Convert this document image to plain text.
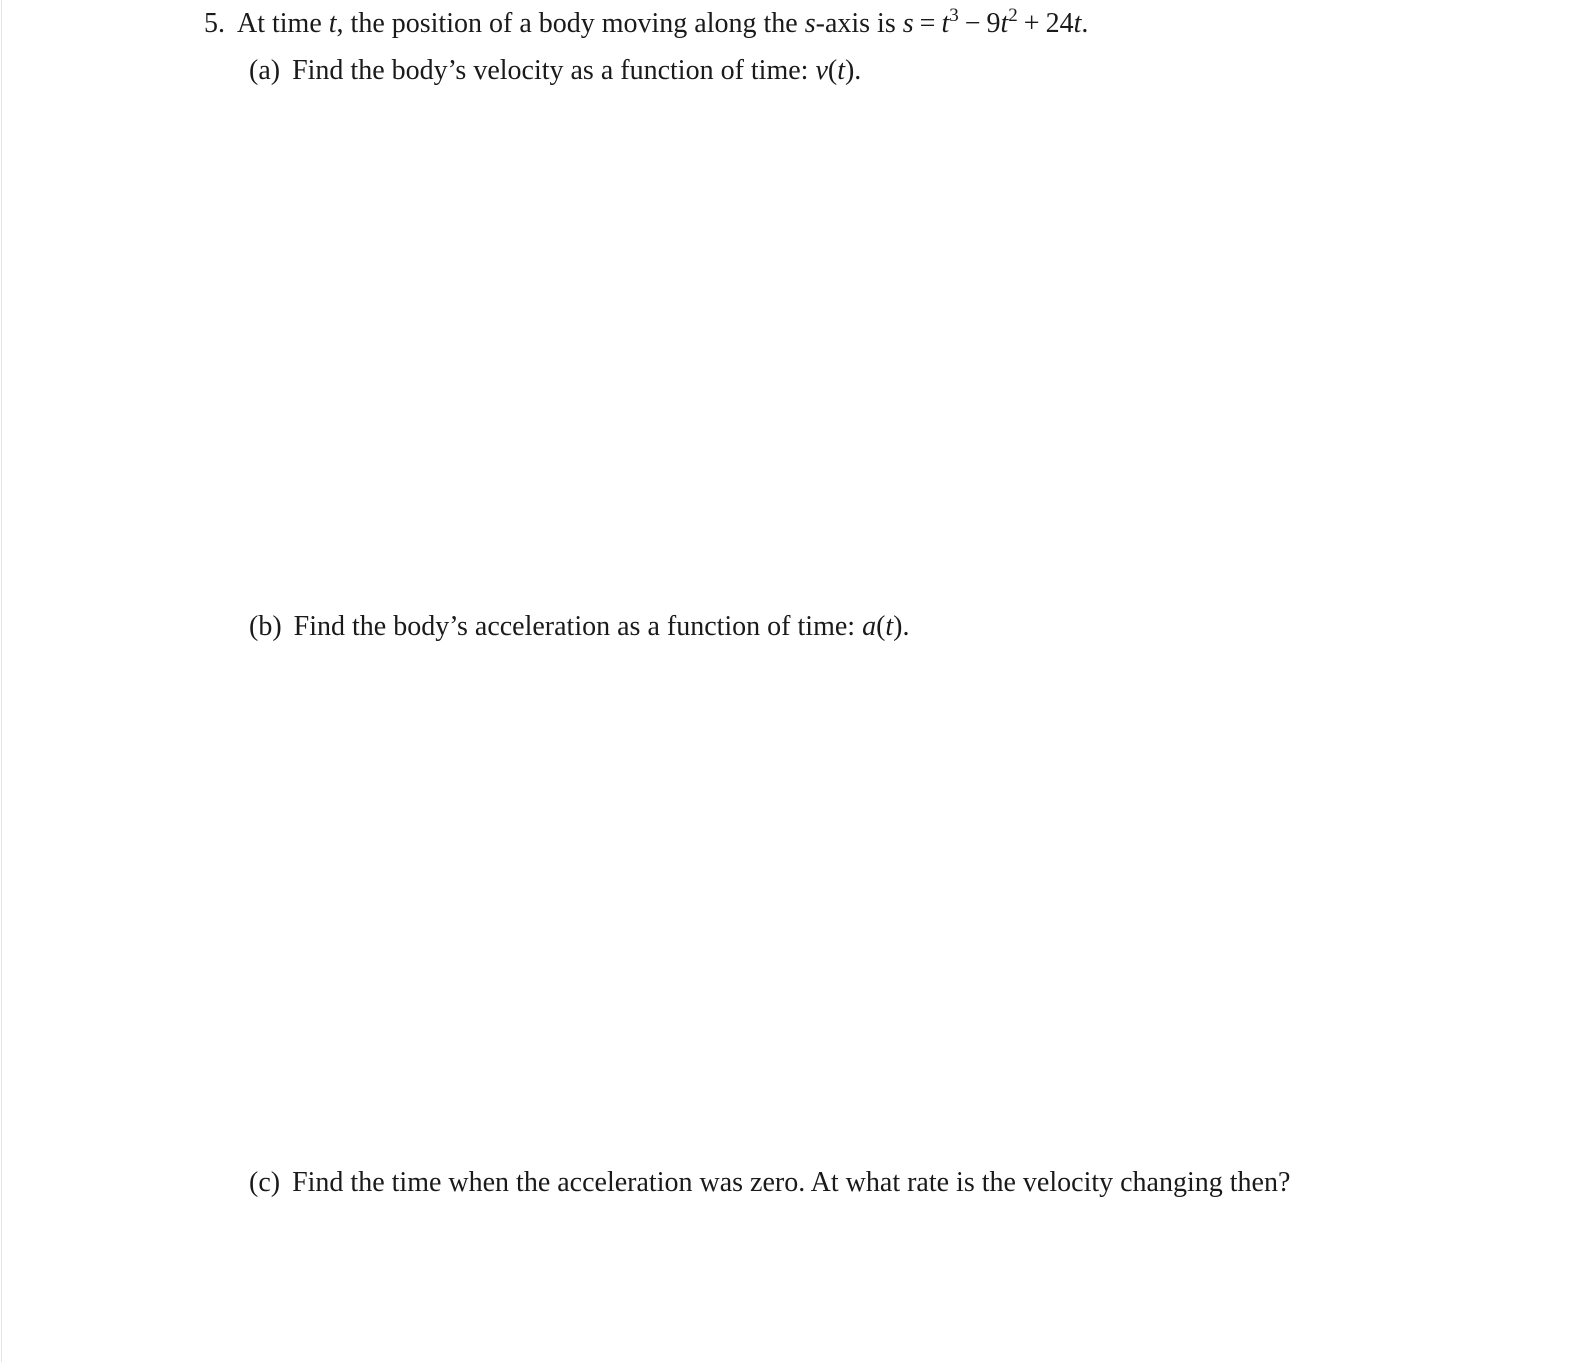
5. At time t, the position of a body moving along the s-axis is $s = t^3 - 9t^2 + 24t$.
(a) Find the body’s velocity as a function of time: v(t).
(b) Find the body’s acceleration as a function of time: a(t).
(c) Find the time when the acceleration was zero. At what rate is the velocity changing then?
